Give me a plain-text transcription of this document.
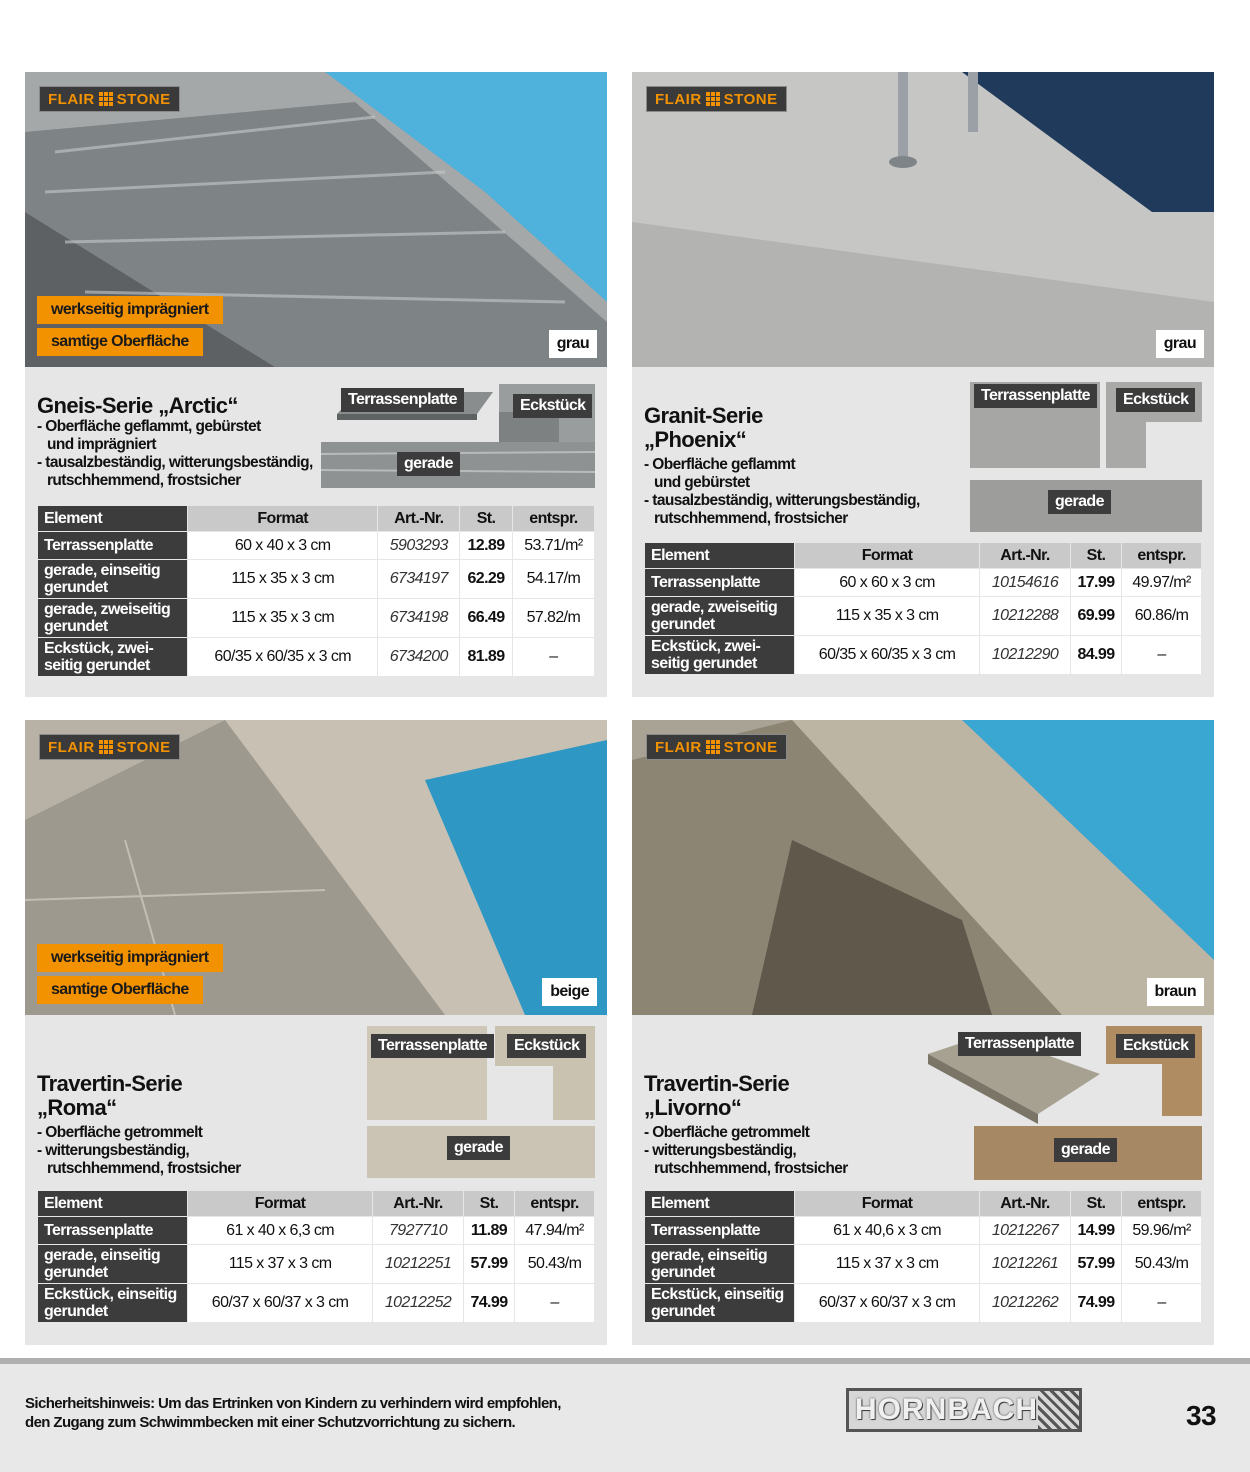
FLAIR STONE
werkseitig imprägniert
samtige Oberfläche	grau
Gneis-Serie „Arctic“
- Oberfläche geflammt, gebürstet
und imprägniert
- tausalzbeständig, witterungsbeständig,
rutschhemmend, frostsicher
Terrassenplatte	Eckstück
gerade
Element	Format	Art.-Nr.	St.	entspr.
Terrassenplatte	60 x 40 x 3 cm	5903293	12.89	53.71/m²
gerade, einseitig gerundet	115 x 35 x 3 cm	6734197	62.29	54.17/m
gerade, zweiseitig gerundet	115 x 35 x 3 cm	6734198	66.49	57.82/m
Eckstück, zwei-seitig gerundet	60/35 x 60/35 x 3 cm	6734200	81.89	–
FLAIR STONE
grau
Granit-Serie
„Phoenix“
- Oberfläche geflammt
und gebürstet
- tausalzbeständig, witterungsbeständig,
rutschhemmend, frostsicher
Terrassenplatte	Eckstück
gerade
Element	Format	Art.-Nr.	St.	entspr.
Terrassenplatte	60 x 60 x 3 cm	10154616	17.99	49.97/m²
gerade, zweiseitig gerundet	115 x 35 x 3 cm	10212288	69.99	60.86/m
Eckstück, zwei-seitig gerundet	60/35 x 60/35 x 3 cm	10212290	84.99	–
FLAIR STONE
werkseitig imprägniert
samtige Oberfläche	beige
Travertin-Serie
„Roma“
- Oberfläche getrommelt
- witterungsbeständig,
rutschhemmend, frostsicher
Terrassenplatte	Eckstück
gerade
Element	Format	Art.-Nr.	St.	entspr.
Terrassenplatte	61 x 40 x 6,3 cm	7927710	11.89	47.94/m²
gerade, einseitig gerundet	115 x 37 x 3 cm	10212251	57.99	50.43/m
Eckstück, einseitig gerundet	60/37 x 60/37 x 3 cm	10212252	74.99	–
FLAIR STONE
braun
Travertin-Serie
„Livorno“
- Oberfläche getrommelt
- witterungsbeständig,
rutschhemmend, frostsicher
Terrassenplatte	Eckstück
gerade
Element	Format	Art.-Nr.	St.	entspr.
Terrassenplatte	61 x 40,6 x 3 cm	10212267	14.99	59.96/m²
gerade, einseitig gerundet	115 x 37 x 3 cm	10212261	57.99	50.43/m
Eckstück, einseitig gerundet	60/37 x 60/37 x 3 cm	10212262	74.99	–
Sicherheitshinweis: Um das Ertrinken von Kindern zu verhindern wird empfohlen,
den Zugang zum Schwimmbecken mit einer Schutzvorrichtung zu sichern.	HORNBACH	33
